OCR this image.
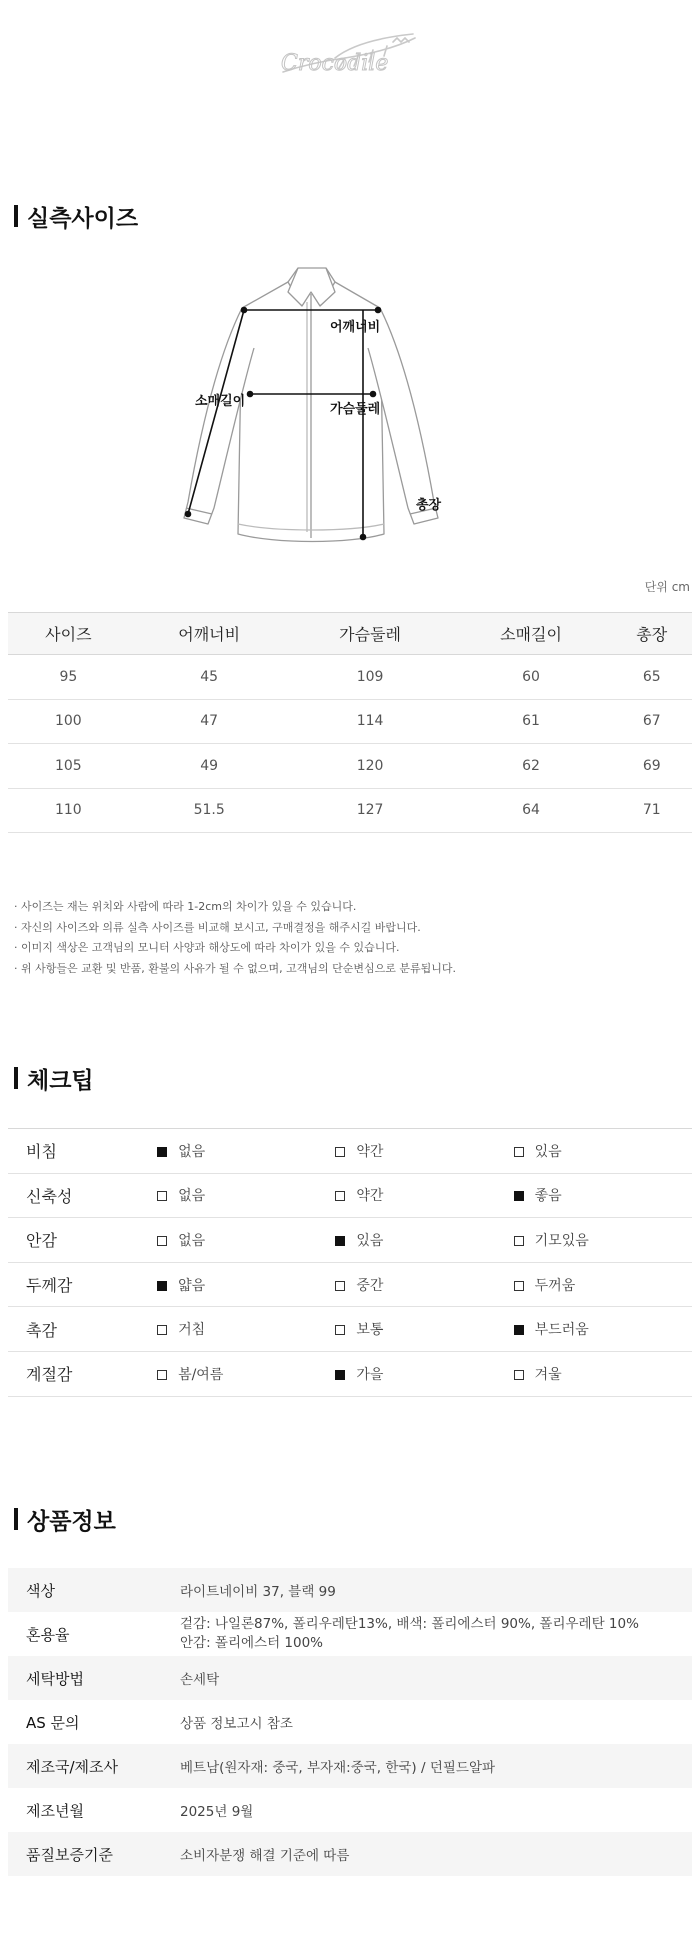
Crocodile
실측사이즈
어깨너비
가슴둘레
소매길이
총장
단위 cm
사이즈	어깨너비	가슴둘레	소매길이	총장
95	45	109	60	65
100	47	114	61	67
105	49	120	62	69
110	51.5	127	64	71
· 사이즈는 재는 위치와 사람에 따라 1-2cm의 차이가 있을 수 있습니다.
· 자신의 사이즈와 의류 실측 사이즈를 비교해 보시고, 구매결정을 해주시길 바랍니다.
· 이미지 색상은 고객님의 모니터 사양과 해상도에 따라 차이가 있을 수 있습니다.
· 위 사항들은 교환 및 반품, 환불의 사유가 될 수 없으며, 고객님의 단순변심으로 분류됩니다.
체크팁
비침	없음	약간	있음
신축성	없음	약간	좋음
안감	없음	있음	기모있음
두께감	얇음	중간	두꺼움
촉감	거침	보통	부드러움
계절감	봄/여름	가을	겨울
상품정보
색상	라이트네이비 37, 블랙 99
혼용율	겉감: 나일론87%, 폴리우레탄13%, 배색: 폴리에스터 90%, 폴리우레탄 10%
안감: 폴리에스터 100%

세탁방법	손세탁
AS 문의	상품 정보고시 참조
제조국/제조사	베트남(원자재: 중국, 부자재:중국, 한국) / 던필드알파
제조년월	2025년 9월
품질보증기준	소비자분쟁 해결 기준에 따름
